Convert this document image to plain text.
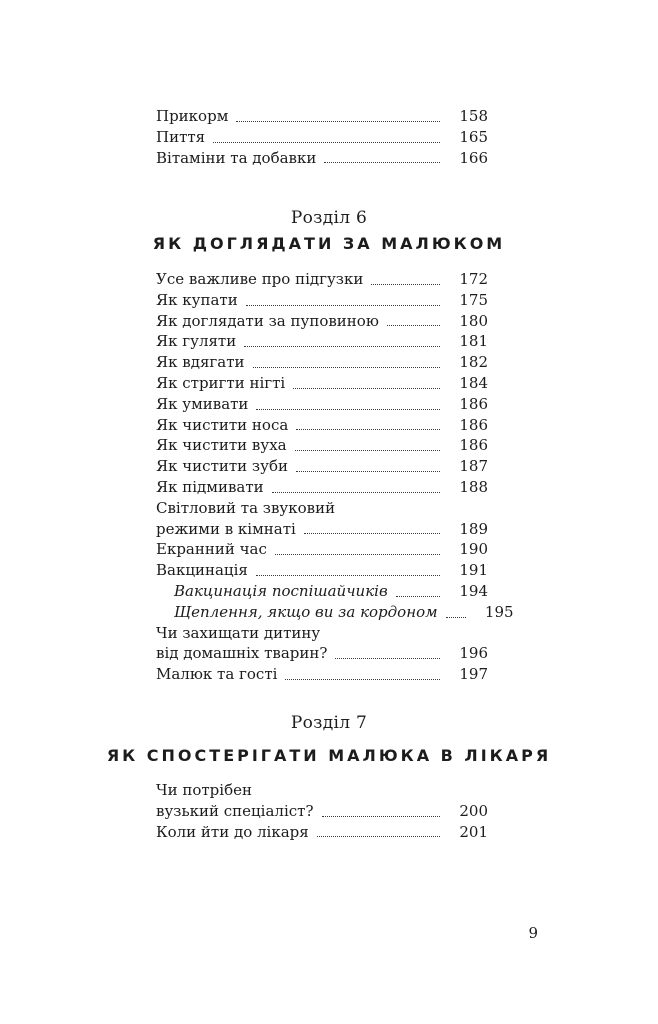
Прикорм	158
Пиття	165
Вітаміни та добавки	166
Розділ 6
ЯК ДОГЛЯДАТИ ЗА МАЛЮКОМ
Усе важливе про підгузки	172
Як купати	175
Як доглядати за пуповиною	180
Як гуляти	181
Як вдягати	182
Як стригти нігті	184
Як умивати	186
Як чистити носа	186
Як чистити вуха	186
Як чистити зуби	187
Як підмивати	188
Світловий та звуковий
режими в кімнаті	189
Екранний час	190
Вакцинація	191
Вакцинація поспішайчиків	194
Щеплення, якщо ви за кордоном	195
Чи захищати дитину
від домашніх тварин?	196
Малюк та гості	197
Розділ 7
ЯК СПОСТЕРІГАТИ МАЛЮКА В ЛІКАРЯ
Чи потрібен
вузький спеціаліст?	200
Коли йти до лікаря	201
9
